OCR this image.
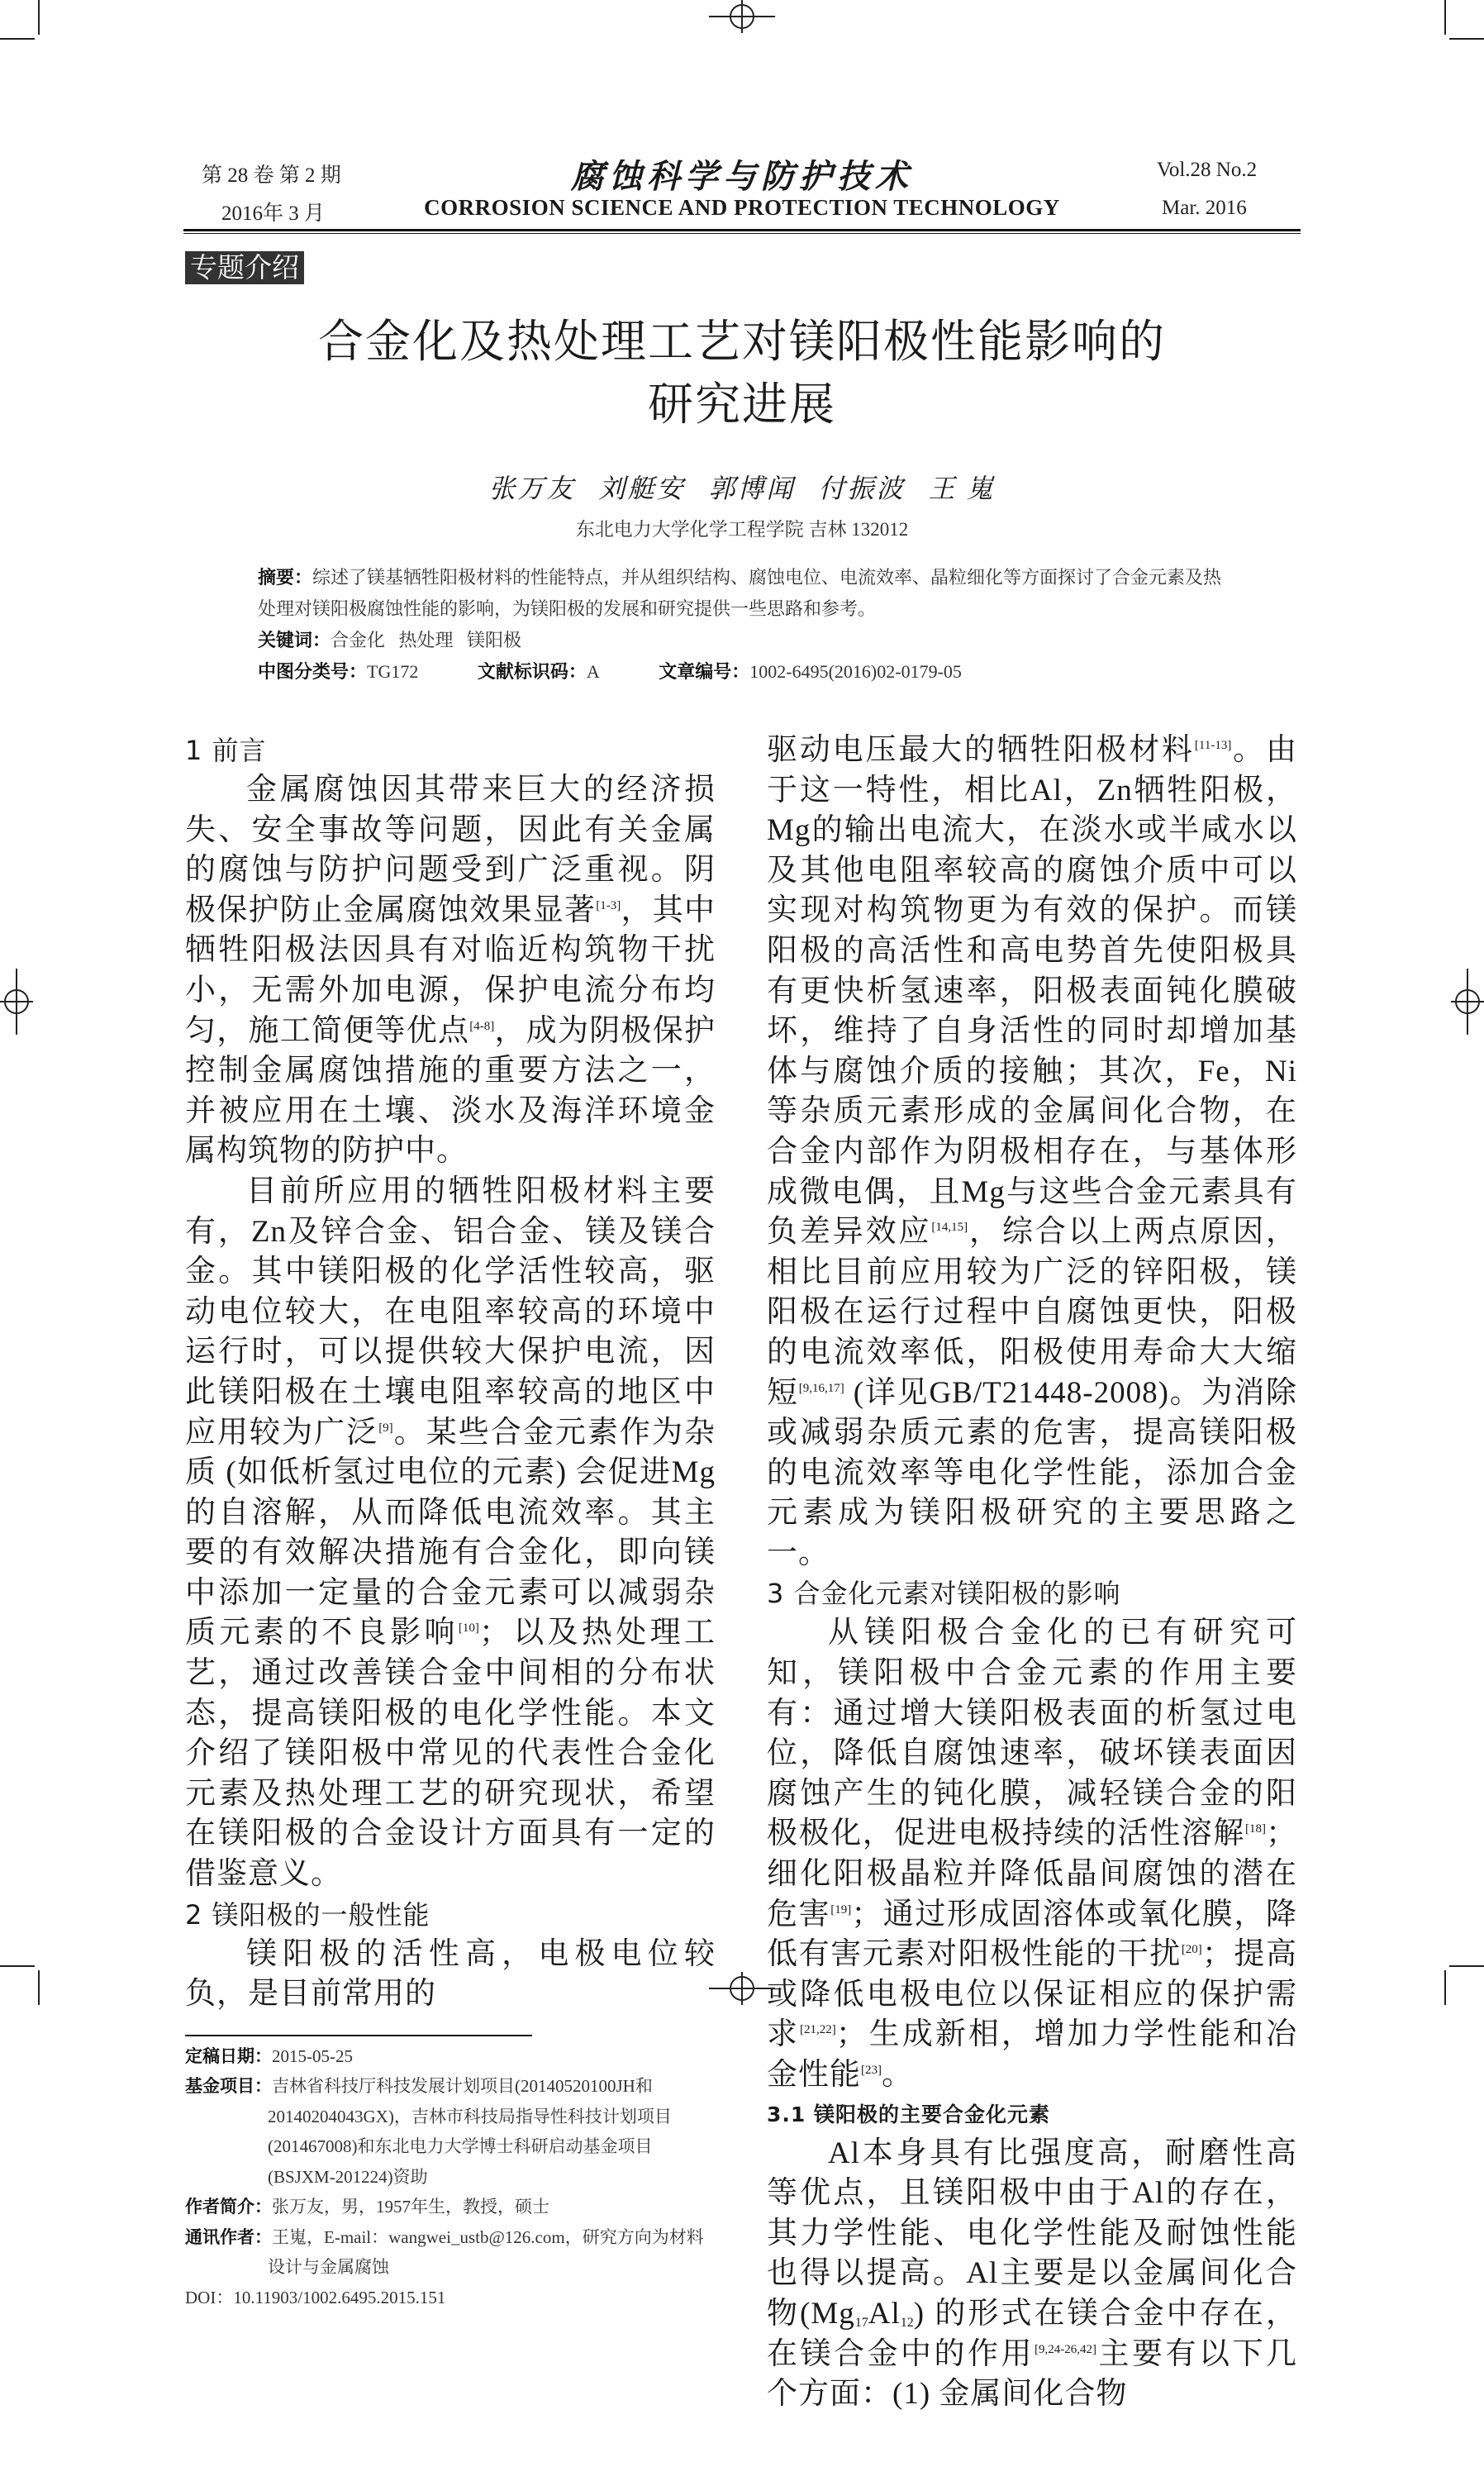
第 28 卷 第 2 期
2016年 3 月
腐蚀科学与防护技术
CORROSION SCIENCE AND PROTECTION TECHNOLOGY
Vol.28 No.2
Mar. 2016
专题介绍
合金化及热处理工艺对镁阳极性能影响的
研究进展
张万友 刘艇安 郭博闻 付振波 王 嵬
东北电力大学化学工程学院 吉林 132012
摘要：综述了镁基牺牲阳极材料的性能特点，并从组织结构、腐蚀电位、电流效率、晶粒细化等方面探讨了合金元素及热处理对镁阳极腐蚀性能的影响，为镁阳极的发展和研究提供一些思路和参考。
关键词：合金化   热处理   镁阳极
中图分类号：TG172	文献标识码：A	文章编号：1002-6495(2016)02-0179-05
1 前言

金属腐蚀因其带来巨大的经济损失、安全事故等问题，因此有关金属的腐蚀与防护问题受到广泛重视。阴极保护防止金属腐蚀效果显著[1-3]，其中牺牲阳极法因具有对临近构筑物干扰小，无需外加电源，保护电流分布均匀，施工简便等优点[4-8]，成为阴极保护控制金属腐蚀措施的重要方法之一，并被应用在土壤、淡水及海洋环境金属构筑物的防护中。

目前所应用的牺牲阳极材料主要有，Zn及锌合金、铝合金、镁及镁合金。其中镁阳极的化学活性较高，驱动电位较大，在电阻率较高的环境中运行时，可以提供较大保护电流，因此镁阳极在土壤电阻率较高的地区中应用较为广泛[9]。某些合金元素作为杂质 (如低析氢过电位的元素) 会促进Mg的自溶解，从而降低电流效率。其主要的有效解决措施有合金化，即向镁中添加一定量的合金元素可以减弱杂质元素的不良影响[10]；以及热处理工艺，通过改善镁合金中间相的分布状态，提高镁阳极的电化学性能。本文介绍了镁阳极中常见的代表性合金化元素及热处理工艺的研究现状，希望在镁阳极的合金设计方面具有一定的借鉴意义。

2 镁阳极的一般性能

镁阳极的活性高，电极电位较负，是目前常用的

定稿日期：2015-05-25
基金项目：吉林省科技厅科技发展计划项目(20140520100JH和20140204043GX)，吉林市科技局指导性科技计划项目 (201467008)和东北电力大学博士科研启动基金项目(BSJXM-201224)资助
作者简介：张万友，男，1957年生，教授，硕士
通讯作者：王嵬，E-mail：wangwei_ustb@126.com，研究方向为材料设计与金属腐蚀
DOI：10.11903/1002.6495.2015.151

驱动电压最大的牺牲阳极材料[11-13]。由于这一特性，相比Al，Zn牺牲阳极，Mg的输出电流大，在淡水或半咸水以及其他电阻率较高的腐蚀介质中可以实现对构筑物更为有效的保护。而镁阳极的高活性和高电势首先使阳极具有更快析氢速率，阳极表面钝化膜破坏，维持了自身活性的同时却增加基体与腐蚀介质的接触；其次，Fe，Ni等杂质元素形成的金属间化合物，在合金内部作为阴极相存在，与基体形成微电偶，且Mg与这些合金元素具有负差异效应[14,15]，综合以上两点原因，相比目前应用较为广泛的锌阳极，镁阳极在运行过程中自腐蚀更快，阳极的电流效率低，阳极使用寿命大大缩短[9,16,17] (详见GB/T21448-2008)。为消除或减弱杂质元素的危害，提高镁阳极的电流效率等电化学性能，添加合金元素成为镁阳极研究的主要思路之一。

3 合金化元素对镁阳极的影响

从镁阳极合金化的已有研究可知，镁阳极中合金元素的作用主要有：通过增大镁阳极表面的析氢过电位，降低自腐蚀速率，破坏镁表面因腐蚀产生的钝化膜，减轻镁合金的阳极极化，促进电极持续的活性溶解[18]；细化阳极晶粒并降低晶间腐蚀的潜在危害[19]；通过形成固溶体或氧化膜，降低有害元素对阳极性能的干扰[20]；提高或降低电极电位以保证相应的保护需求[21,22]；生成新相，增加力学性能和冶金性能[23]。

3.1 镁阳极的主要合金化元素

Al本身具有比强度高，耐磨性高等优点，且镁阳极中由于Al的存在，其力学性能、电化学性能及耐蚀性能也得以提高。Al主要是以金属间化合物$(Mg_{17}Al_{12})$ 的形式在镁合金中存在，在镁合金中的作用[9,24-26,42]主要有以下几个方面：(1) 金属间化合物
